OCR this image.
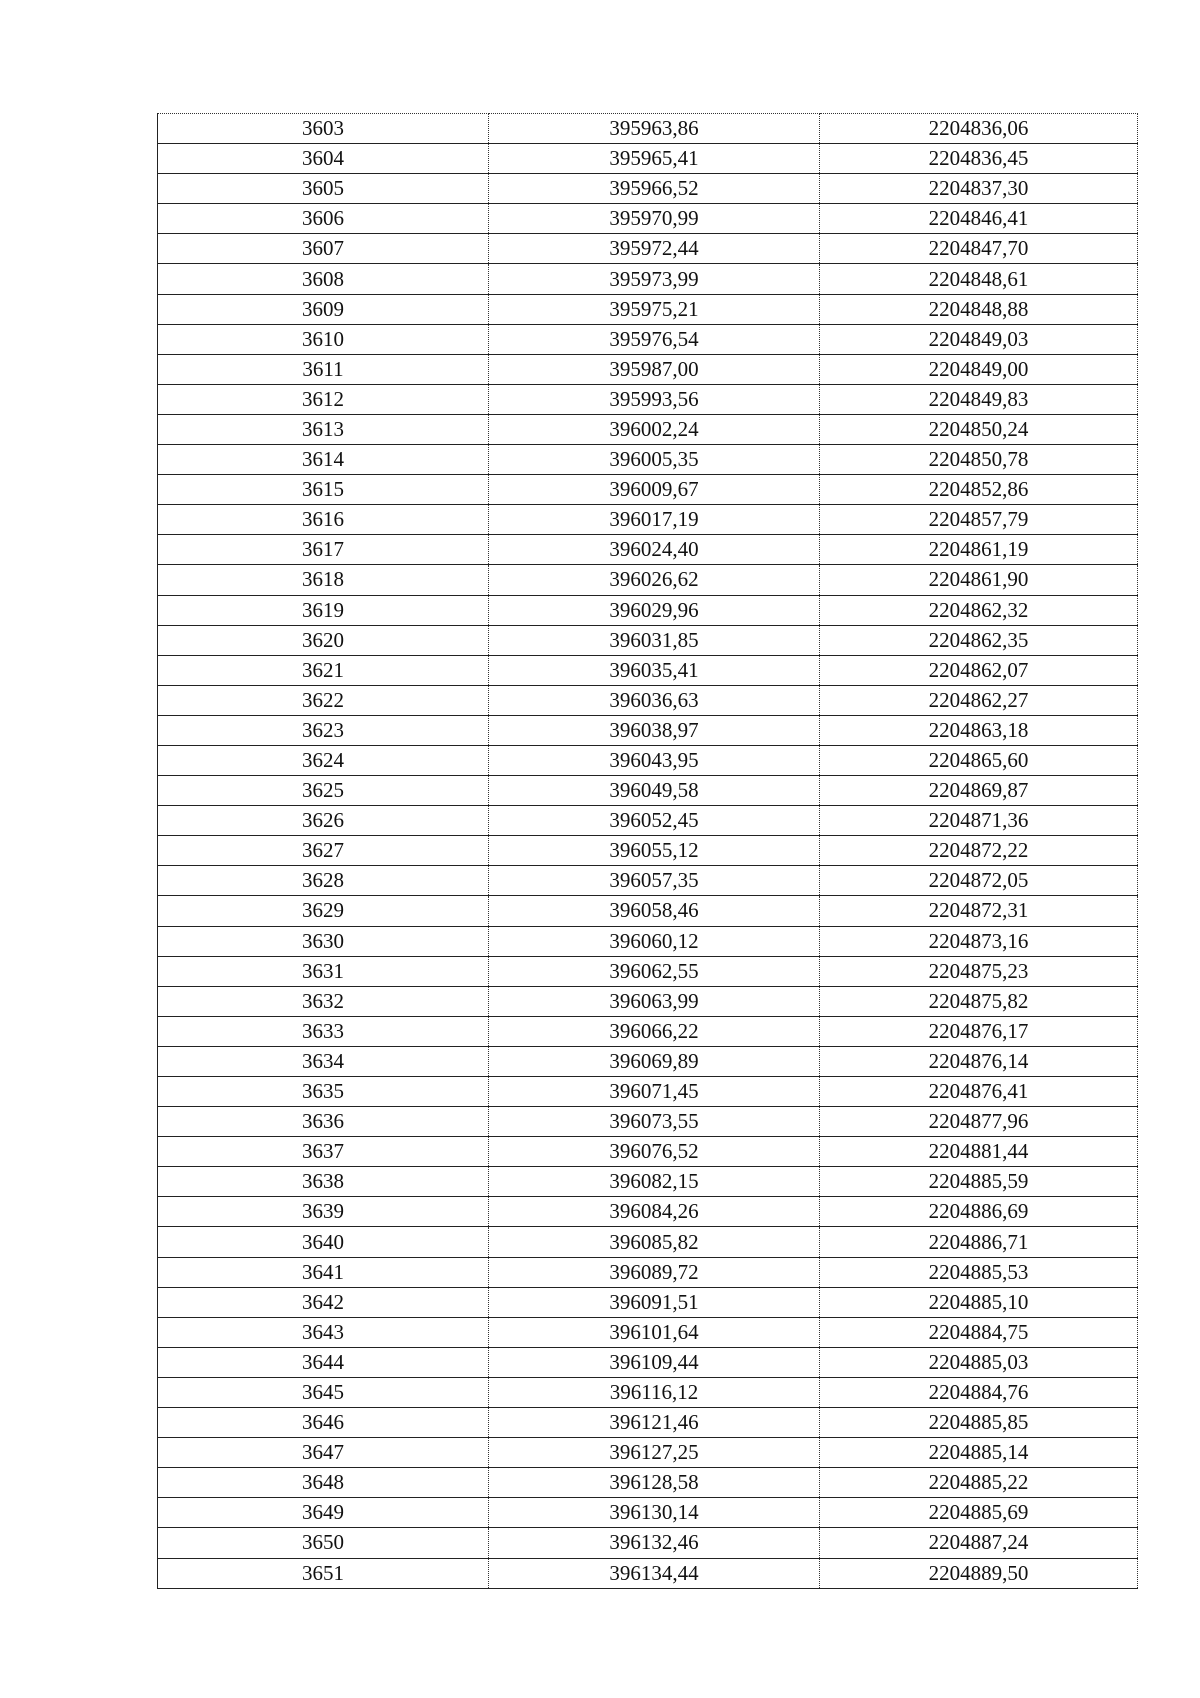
3603	395963,86	2204836,06
3604	395965,41	2204836,45
3605	395966,52	2204837,30
3606	395970,99	2204846,41
3607	395972,44	2204847,70
3608	395973,99	2204848,61
3609	395975,21	2204848,88
3610	395976,54	2204849,03
3611	395987,00	2204849,00
3612	395993,56	2204849,83
3613	396002,24	2204850,24
3614	396005,35	2204850,78
3615	396009,67	2204852,86
3616	396017,19	2204857,79
3617	396024,40	2204861,19
3618	396026,62	2204861,90
3619	396029,96	2204862,32
3620	396031,85	2204862,35
3621	396035,41	2204862,07
3622	396036,63	2204862,27
3623	396038,97	2204863,18
3624	396043,95	2204865,60
3625	396049,58	2204869,87
3626	396052,45	2204871,36
3627	396055,12	2204872,22
3628	396057,35	2204872,05
3629	396058,46	2204872,31
3630	396060,12	2204873,16
3631	396062,55	2204875,23
3632	396063,99	2204875,82
3633	396066,22	2204876,17
3634	396069,89	2204876,14
3635	396071,45	2204876,41
3636	396073,55	2204877,96
3637	396076,52	2204881,44
3638	396082,15	2204885,59
3639	396084,26	2204886,69
3640	396085,82	2204886,71
3641	396089,72	2204885,53
3642	396091,51	2204885,10
3643	396101,64	2204884,75
3644	396109,44	2204885,03
3645	396116,12	2204884,76
3646	396121,46	2204885,85
3647	396127,25	2204885,14
3648	396128,58	2204885,22
3649	396130,14	2204885,69
3650	396132,46	2204887,24
3651	396134,44	2204889,50
